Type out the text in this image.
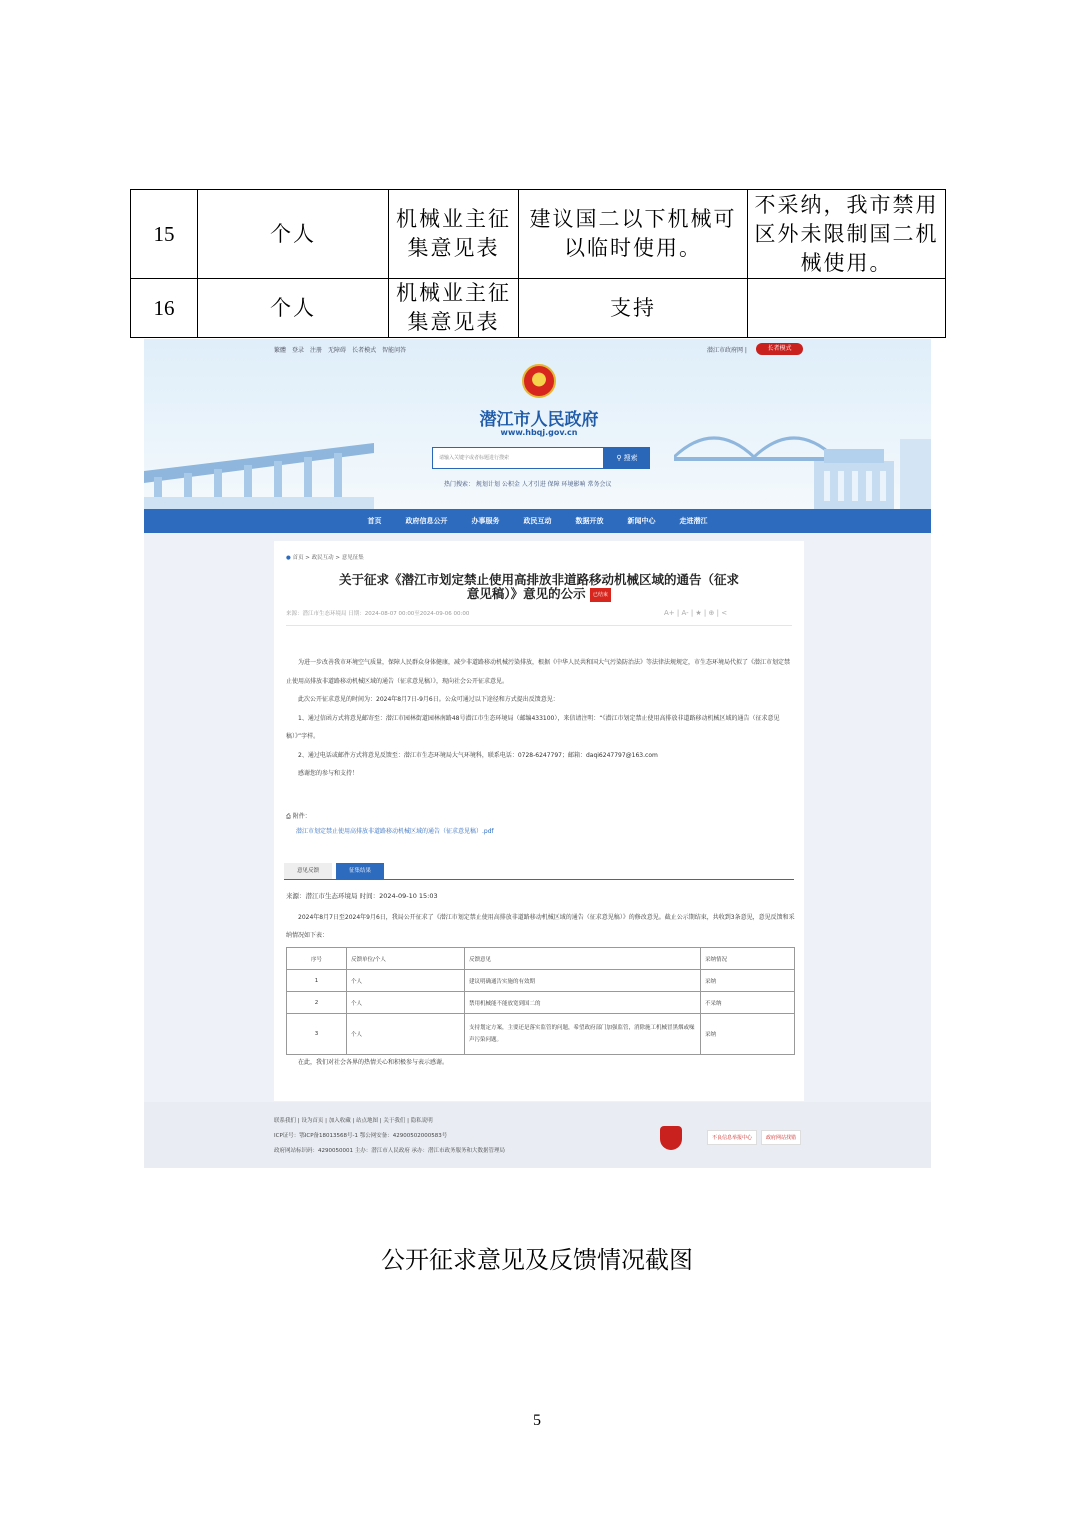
15	个人	机械业主征集意见表	建议国二以下机械可以临时使用。	不采纳，我市禁用区外未限制国二机械使用。
16	个人	机械业主征集意见表	支持	
繁體 登录 注册 无障碍 长者模式 智能问答	潜江市政府网 |	长者模式
潜江市人民政府
www.hbqj.gov.cn
请输入关键字或者标题进行搜索	⚲ 搜索
热门搜索： 规划计划 公积金 人才引进 保障 环境影响 常务会议
首页	政府信息公开	办事服务	政民互动	数据开放	新闻中心	走进潜江
● 首页 > 政民互动 > 意见征集
关于征求《潜江市划定禁止使用高排放非道路移动机械区域的通告（征求意见稿）》意见的公示 已结束
来源：潜江市生态环境局 日期：2024-08-07 00:00至2024-09-06 00:00	A+ | A- | ★ | ⊕ | <

为进一步改善我市环境空气质量，保障人民群众身体健康，减少非道路移动机械污染排放，根据《中华人民共和国大气污染防治法》等法律法规规定，市生态环境局代拟了《潜江市划定禁止使用高排放非道路移动机械区域的通告（征求意见稿）》，现向社会公开征求意见。

此次公开征求意见的时间为：2024年8月7日-9月6日。公众可通过以下途径和方式提出反馈意见：

1、通过信函方式将意见邮寄至：潜江市园林街道园林南路48号潜江市生态环境局（邮编433100），来信请注明：“《潜江市划定禁止使用高排放非道路移动机械区域的通告（征求意见稿）》”字样。

2、通过电话或邮件方式将意见反馈至：潜江市生态环境局大气环境科，联系电话：0728-6247797；邮箱：daqi6247797@163.com

感谢您的参与和支持！

⎙ 附件：
潜江市划定禁止使用高排放非道路移动机械区域的通告（征求意见稿）.pdf
意见反馈	征集结果
来源：潜江市生态环境局 时间：2024-09-10 15:03
2024年8月7日至2024年9月6日，我局公开征求了《潜江市划定禁止使用高排放非道路移动机械区域的通告（征求意见稿）》的修改意见。截止公示期结束，共收到3条意见，意见反馈和采纳情况如下表：
序号	反馈单位/个人	反馈意见	采纳情况
1	个人	建议明确通告实施的有效期	采纳
2	个人	禁用机械能不能放宽到国二的	不采纳
3	个人	支持划定方案，主要还是落实监管的问题，希望政府部门加强监管，消除施工机械冒黑烟或噪声污染问题。	采纳
在此，我们对社会各界的热情关心和积极参与表示感谢。
联系我们 | 设为首页 | 加入收藏 | 站点地图 | 关于我们 | 隐私说明
ICP证号：鄂ICP备18013568号-1 鄂公网安备：42900502000583号
政府网站标识码：4290050001 主办：潜江市人民政府 承办：潜江市政务服务和大数据管理局
不良信息举报中心	政府网站找错
公开征求意见及反馈情况截图
5
